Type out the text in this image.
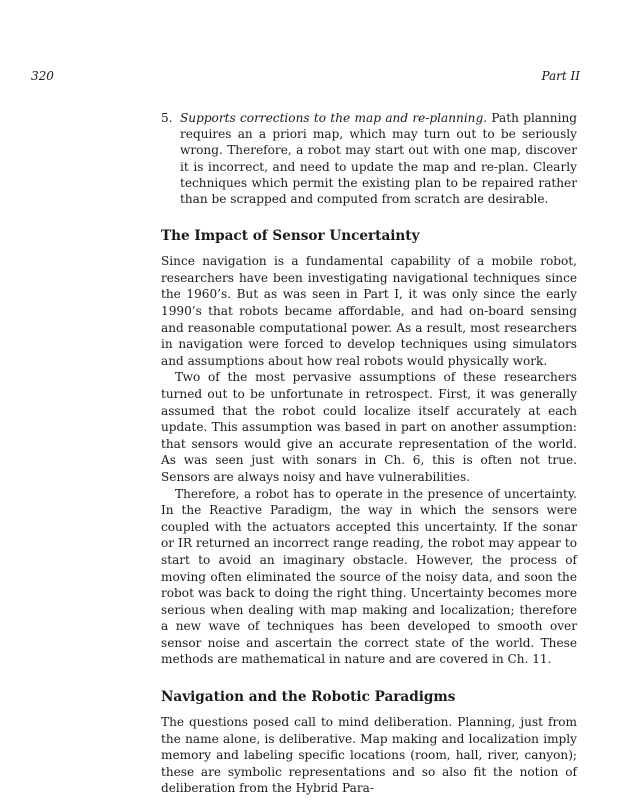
320	Part II
5. Supports corrections to the map and re-planning. Path planning requires an a priori map, which may turn out to be seriously wrong. Therefore, a robot may start out with one map, discover it is incorrect, and need to update the map and re-plan. Clearly techniques which permit the existing plan to be repaired rather than be scrapped and computed from scratch are desirable.
The Impact of Sensor Uncertainty

Since navigation is a fundamental capability of a mobile robot, researchers have been investigating navigational techniques since the 1960’s. But as was seen in Part I, it was only since the early 1990’s that robots became affordable, and had on-board sensing and reasonable computational power. As a result, most researchers in navigation were forced to develop techniques using simulators and assumptions about how real robots would physically work.

Two of the most pervasive assumptions of these researchers turned out to be unfortunate in retrospect. First, it was generally assumed that the robot could localize itself accurately at each update. This assumption was based in part on another assumption: that sensors would give an accurate representation of the world. As was seen just with sonars in Ch. 6, this is often not true. Sensors are always noisy and have vulnerabilities.

Therefore, a robot has to operate in the presence of uncertainty. In the Reactive Paradigm, the way in which the sensors were coupled with the actuators accepted this uncertainty. If the sonar or IR returned an incorrect range reading, the robot may appear to start to avoid an imaginary obstacle. However, the process of moving often eliminated the source of the noisy data, and soon the robot was back to doing the right thing. Uncertainty becomes more serious when dealing with map making and localization; therefore a new wave of techniques has been developed to smooth over sensor noise and ascertain the correct state of the world. These methods are mathematical in nature and are covered in Ch. 11.

Navigation and the Robotic Paradigms

The questions posed call to mind deliberation. Planning, just from the name alone, is deliberative. Map making and localization imply memory and labeling specific locations (room, hall, river, canyon); these are symbolic representations and so also fit the notion of deliberation from the Hybrid Para-
